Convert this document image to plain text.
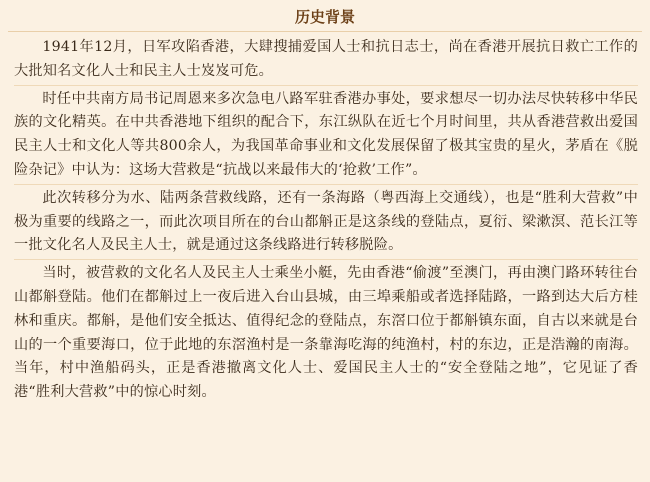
历史背景

1941年12月，日军攻陷香港，大肆搜捕爱国人士和抗日志士，尚在香港开展抗日救亡工作的大批知名文化人士和民主人士岌岌可危。

时任中共南方局书记周恩来多次急电八路军驻香港办事处，要求想尽一切办法尽快转移中华民族的文化精英。在中共香港地下组织的配合下，东江纵队在近七个月时间里，共从香港营救出爱国民主人士和文化人等共800余人，为我国革命事业和文化发展保留了极其宝贵的星火，茅盾在《脱险杂记》中认为：这场大营救是“抗战以来最伟大的‘抢救’工作”。

此次转移分为水、陆两条营救线路，还有一条海路（粤西海上交通线），也是“胜利大营救”中极为重要的线路之一，而此次项目所在的台山都斛正是这条线的登陆点，夏衍、梁漱溟、范长江等一批文化名人及民主人士，就是通过这条线路进行转移脱险。

当时，被营救的文化名人及民主人士乘坐小艇，先由香港“偷渡”至澳门，再由澳门路环转往台山都斛登陆。他们在都斛过上一夜后进入台山县城，由三埠乘船或者选择陆路，一路到达大后方桂林和重庆。都斛，是他们安全抵达、值得纪念的登陆点，东滘口位于都斛镇东面，自古以来就是台山的一个重要海口，位于此地的东滘渔村是一条靠海吃海的纯渔村，村的东边，正是浩瀚的南海。当年，村中渔船码头，正是香港撤离文化人士、爱国民主人士的“安全登陆之地”，它见证了香港“胜利大营救”中的惊心时刻。
